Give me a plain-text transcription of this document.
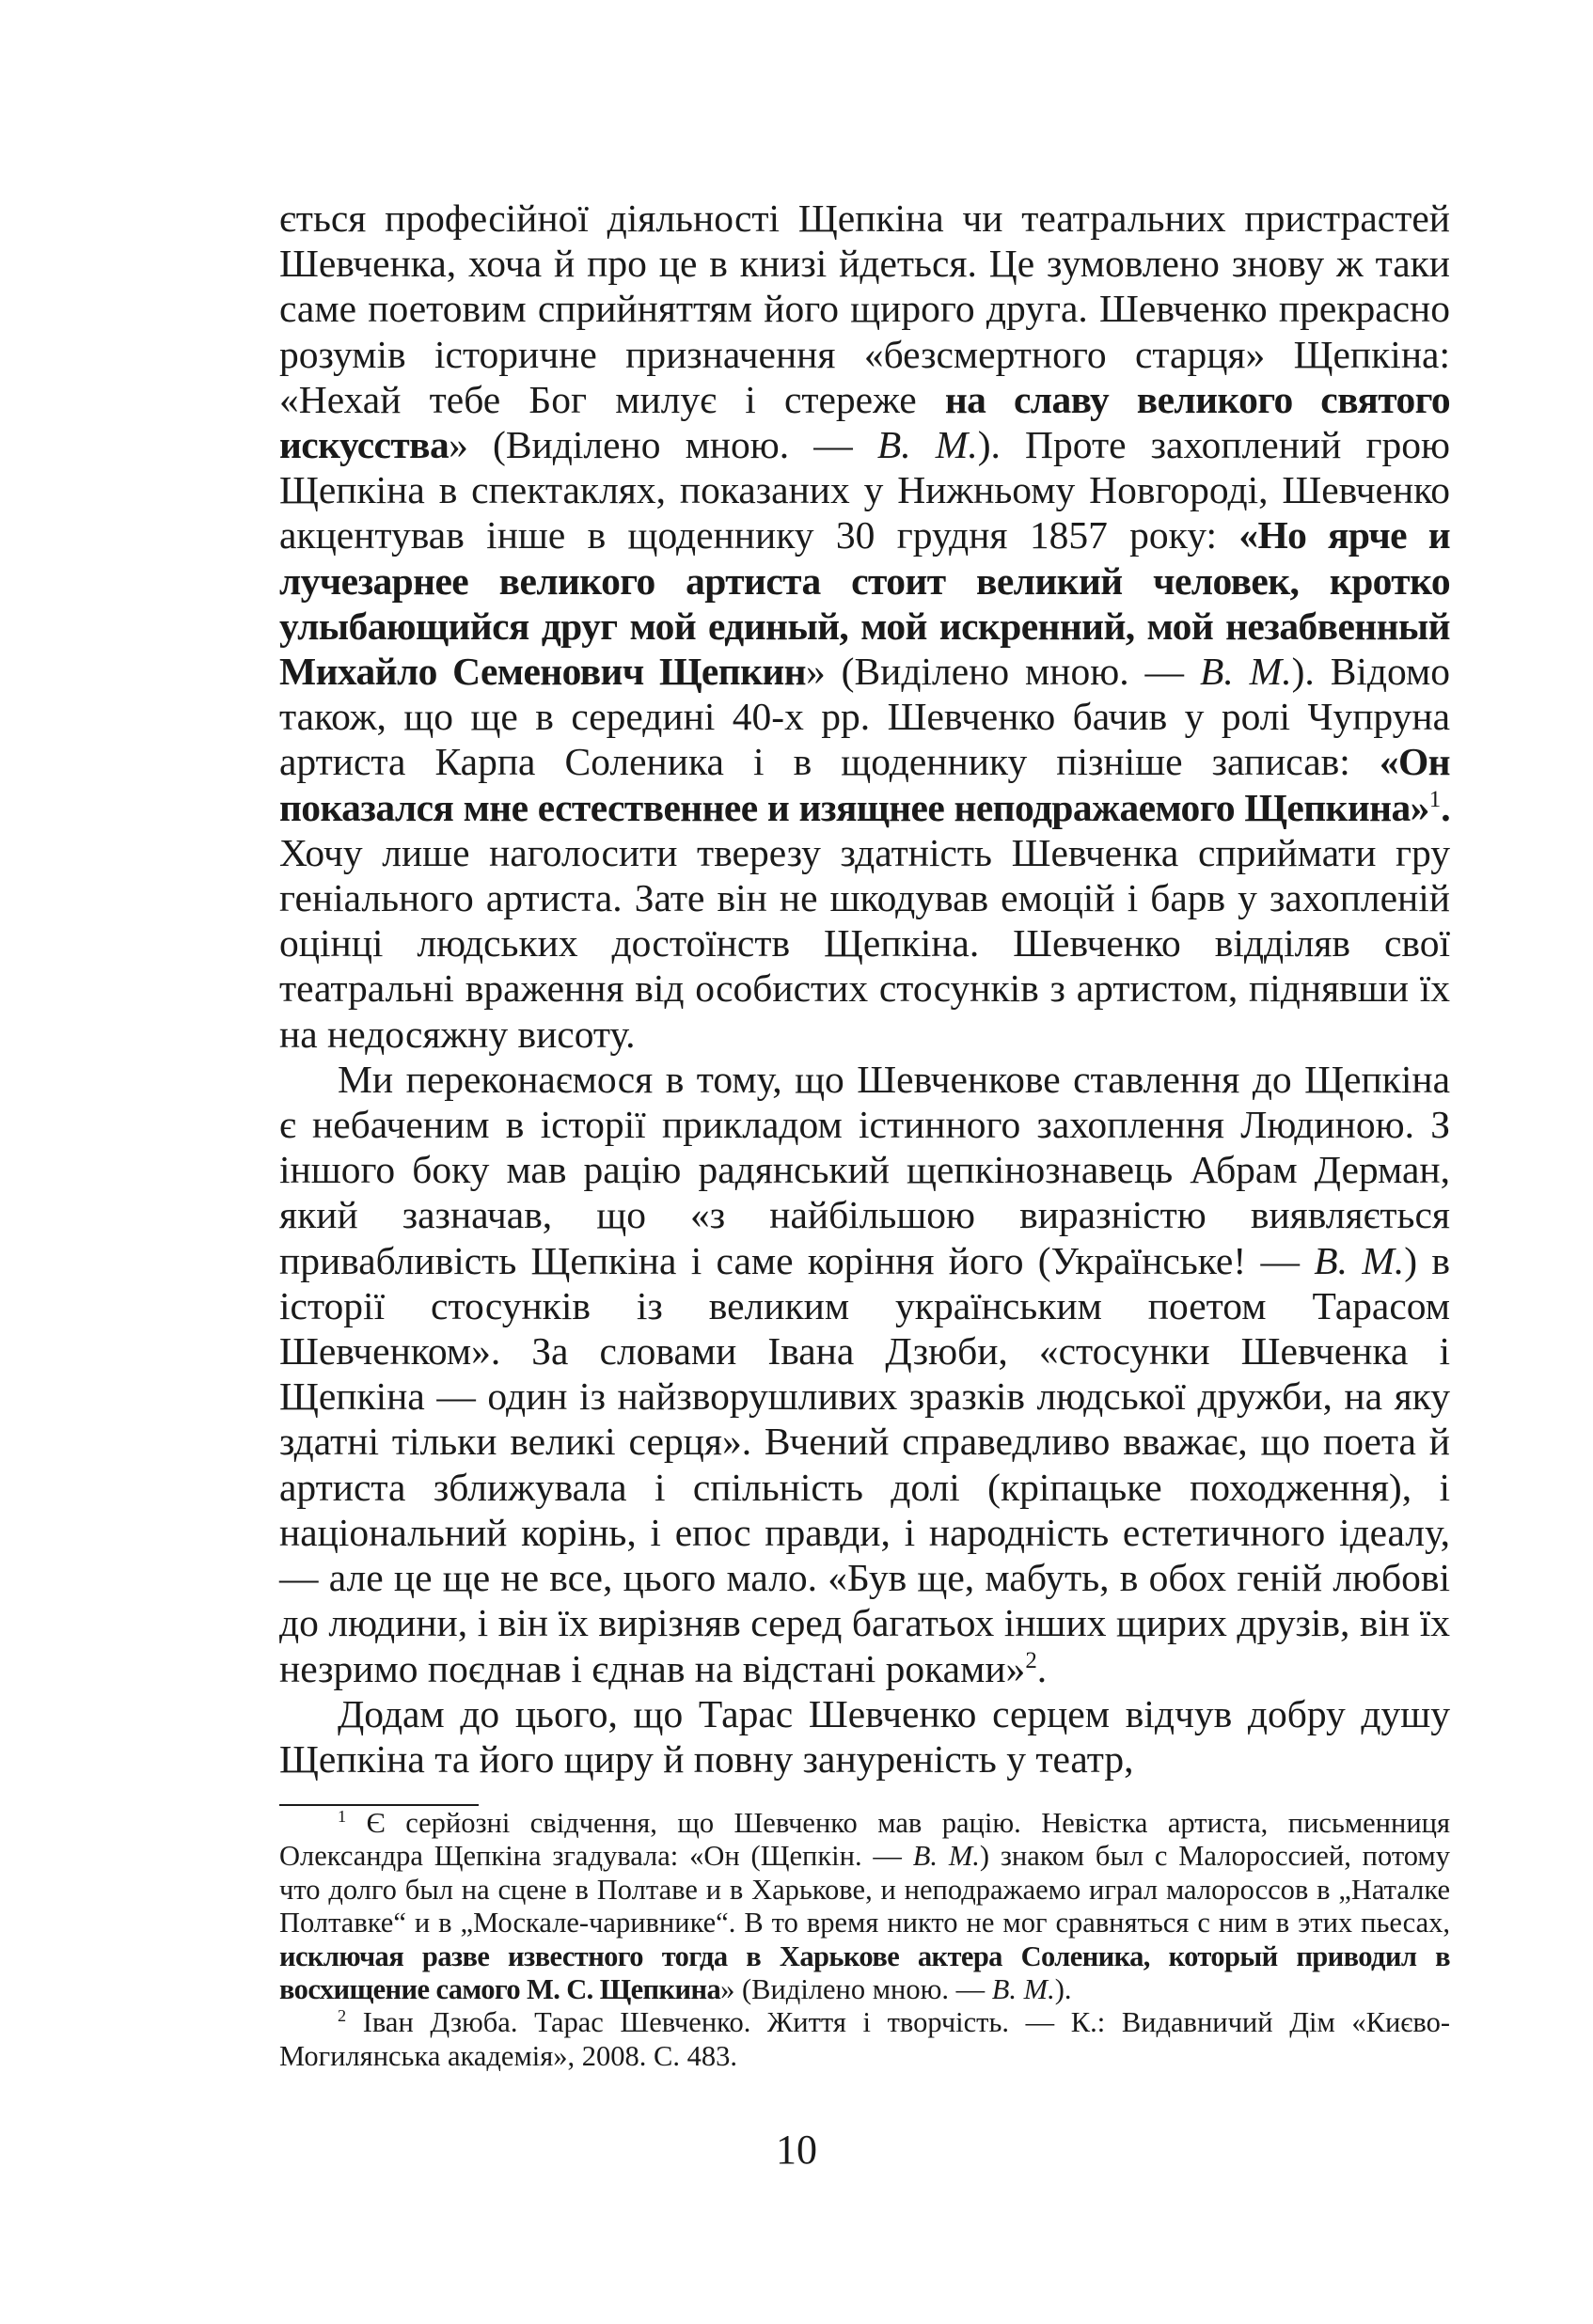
ється професійної діяльності Щепкіна чи театральних пристрастей Шевченка, хоча й про це в книзі йдеться. Це зумовлено знову ж таки саме поетовим сприйняттям його щирого друга. Шевченко прекрасно розумів історичне призначення «безсмертного старця» Щепкіна: «Нехай тебе Бог милує і стереже на славу великого святого искусства» (Виділено мною. — В. М.). Проте захоплений грою Щепкіна в спектаклях, показаних у Нижньому Новгороді, Шевченко акцентував інше в щоденнику 30 грудня 1857 року: «Но ярче и лучезарнее великого артиста стоит великий человек, кротко улыбающийся друг мой единый, мой искренний, мой незабвенный Михайло Семенович Щепкин» (Виділено мною. — В. М.). Відомо також, що ще в середині 40-х рр. Шевченко бачив у ролі Чупруна артиста Карпа Соленика і в щоденнику пізніше записав: «Он показался мне естественнее и изящнее неподражаемого Щепкина»$^1$. Хочу лише наголосити тверезу здатність Шевченка сприймати гру геніального артиста. Зате він не шкодував емоцій і барв у захопленій оцінці людських достоїнств Щепкіна. Шевченко відділяв свої театральні враження від особистих стосунків з артистом, піднявши їх на недосяжну висоту.

Ми переконаємося в тому, що Шевченкове ставлення до Щепкіна є небаченим в історії прикладом істинного захоплення Людиною. З іншого боку мав рацію радянський щепкінознавець Абрам Дерман, який зазначав, що «з найбільшою виразністю виявляється привабливість Щепкіна і саме коріння його (Українське! — В. М.) в історії стосунків із великим українським поетом Тарасом Шевченком». За словами Івана Дзюби, «стосунки Шевченка і Щепкіна — один із найзворушливих зразків людської дружби, на яку здатні тільки великі серця». Вчений справедливо вважає, що поета й артиста зближувала і спільність долі (кріпацьке походження), і національний корінь, і епос правди, і народність естетичного ідеалу, — але це ще не все, цього мало. «Був ще, мабуть, в обох геній любові до людини, і він їх вирізняв серед багатьох інших щирих друзів, він їх незримо поєднав і єднав на відстані роками»$^2$.

Додам до цього, що Тарас Шевченко серцем відчув добру душу Щепкіна та його щиру й повну зануреність у театр,

$^1$ Є серйозні свідчення, що Шевченко мав рацію. Невістка артиста, письменниця Олександра Щепкіна згадувала: «Он (Щепкін. — В. М.) знаком был с Малороссией, потому что долго был на сцене в Полтаве и в Харькове, и неподражаемо играл малороссов в „Наталке Полтавке“ и в „Москале-чаривнике“. В то время никто не мог сравняться с ним в этих пьесах, исключая разве известного тогда в Харькове актера Соленика, который приводил в восхищение самого М. С. Щепкина» (Виділено мною. — В. М.).

$^2$ Іван Дзюба. Тарас Шевченко. Життя і творчість. — К.: Видавничий Дім «Києво-Могилянська академія», 2008. С. 483.

10
